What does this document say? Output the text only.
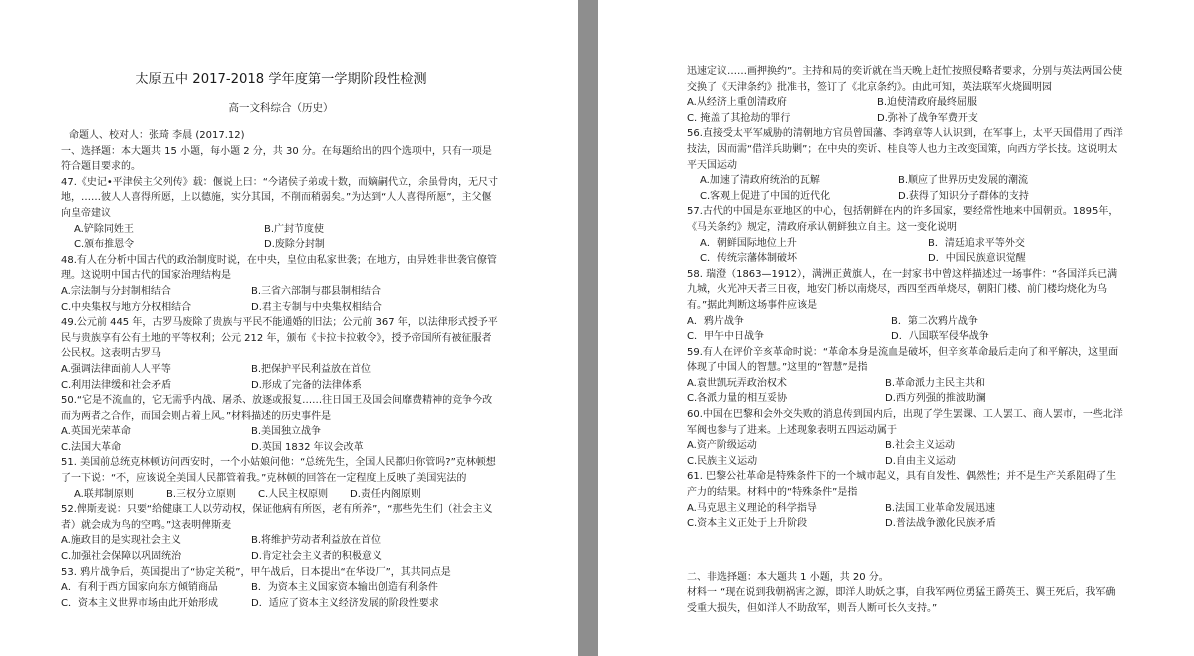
太原五中 2017-2018 学年度第一学期阶段性检测

高一文科综合（历史）

命题人、校对人：张琦 李晨 (2017.12)

一、选择题：本大题共 15 小题，每小题 2 分，共 30 分。在每题给出的四个选项中，只有一项是符合题目要求的。

47.《史记•平津侯主父列传》载：偃说上曰：“今诸侯子弟或十数，而嫡嗣代立，余虽骨肉，无尺寸地，……彼人人喜得所愿，上以德施，实分其国，不削而稍弱矣。”为达到“人人喜得所愿”，主父偃向皇帝建议

A.铲除同姓王	B.广封节度使
C.颁布推恩令	D.废除分封制

48.有人在分析中国古代的政治制度时说，在中央，皇位由私家世袭；在地方，由异姓非世袭官僚管理。这说明中国古代的国家治理结构是

A.宗法制与分封制相结合	B.三省六部制与郡县制相结合
C.中央集权与地方分权相结合	D.君主专制与中央集权相结合

49.公元前 445 年，古罗马废除了贵族与平民不能通婚的旧法；公元前 367 年，以法律形式授予平民与贵族享有公有土地的平等权利；公元 212 年，颁布《卡拉卡拉敕令》，授予帝国所有被征服者公民权。这表明古罗马

A.强调法律面前人人平等	B.把保护平民利益放在首位
C.利用法律缓和社会矛盾	D.形成了完备的法律体系

50.“它是不流血的，它无需乎内战、屠杀、放逐或报复……往日国王及国会间靡费精神的竞争今改而为两者之合作，而国会则占着上风。”材料描述的历史事件是

A.英国光荣革命	B.美国独立战争
C.法国大革命	D.英国 1832 年议会改革

51. 美国前总统克林顿访问西安时，一个小姑娘问他：“总统先生，全国人民都归你管吗?”克林顿想了一下说：“不，应该说全美国人民都管着我。”克林顿的回答在一定程度上反映了美国宪法的

A.联邦制原则	B.三权分立原则	C.人民主权原则	D.责任内阁原则

52.俾斯麦说：只要“给健康工人以劳动权，保证他病有所医，老有所养”，“那些先生们（社会主义者）就会成为鸟的空鸣。”这表明俾斯麦

A.施政目的是实现社会主义	B.将维护劳动者利益放在首位
C.加强社会保障以巩固统治	D.肯定社会主义者的积极意义

53. 鸦片战争后，英国提出了“协定关税”，甲午战后，日本提出“在华设厂”，其共同点是

A．有利于西方国家向东方倾销商品	B．为资本主义国家资本输出创造有利条件
C．资本主义世界市场由此开始形成	D．适应了资本主义经济发展的阶段性要求

迅速定议……画押换约”。主持和局的奕䜣就在当天晚上赶忙按照侵略者要求，分别与英法两国公使交换了《天津条约》批准书，签订了《北京条约》。由此可知，英法联军火烧圆明园

A.从经济上重创清政府	B.迫使清政府最终屈服
C. 掩盖了其抢劫的罪行	D.弥补了战争军费开支

56.直接受太平军威胁的清朝地方官员曾国藩、李鸿章等人认识到，在军事上，太平天国借用了西洋技法，因而需“借洋兵助剿”；在中央的奕䜣、桂良等人也力主改变国策，向西方学长技。这说明太平天国运动

A.加速了清政府统治的瓦解	B.顺应了世界历史发展的潮流
C.客观上促进了中国的近代化	D.获得了知识分子群体的支持

57.古代的中国是东亚地区的中心，包括朝鲜在内的许多国家，要经常性地来中国朝贡。1895年，《马关条约》规定，清政府承认朝鲜独立自主。这一变化说明

A．朝鲜国际地位上升	B．清廷追求平等外交
C．传统宗藩体制破坏	D．中国民族意识觉醒

58. 瑞澄（1863—1912），满洲正黄旗人，在一封家书中曾这样描述过一场事件：“各国洋兵已满九城，火光冲天者三日夜，地安门桥以南烧尽，西四至西单烧尽，朝阳门楼、前门楼均烧化为乌有。”据此判断这场事件应该是

A．鸦片战争	B．第二次鸦片战争
C．甲午中日战争	D．八国联军侵华战争

59.有人在评价辛亥革命时说：“革命本身是流血是破坏，但辛亥革命最后走向了和平解决，这里面体现了中国人的智慧。”这里的“智慧”是指

A.袁世凯玩弄政治权术	B.革命派力主民主共和
C.各派力量的相互妥协	D.西方列强的推波助澜

60.中国在巴黎和会外交失败的消息传到国内后，出现了学生罢课、工人罢工、商人罢市，一些北洋军阀也参与了进来。上述现象表明五四运动属于

A.资产阶级运动	B.社会主义运动
C.民族主义运动	D.自由主义运动

61. 巴黎公社革命是特殊条件下的一个城市起义，具有自发性、偶然性；并不是生产关系阻碍了生产力的结果。材料中的“特殊条件”是指

A.马克思主义理论的科学指导	B.法国工业革命发展迅速
C.资本主义正处于上升阶段	D.普法战争激化民族矛盾

二、非选择题：本大题共 1 小题，共 20 分。

材料一 “现在说到我朝祸害之源，即洋人助妖之事，自我军两位勇猛王爵英王、翼王死后，我军确受重大损失，但如洋人不助敌军，则吾人断可长久支持。”
